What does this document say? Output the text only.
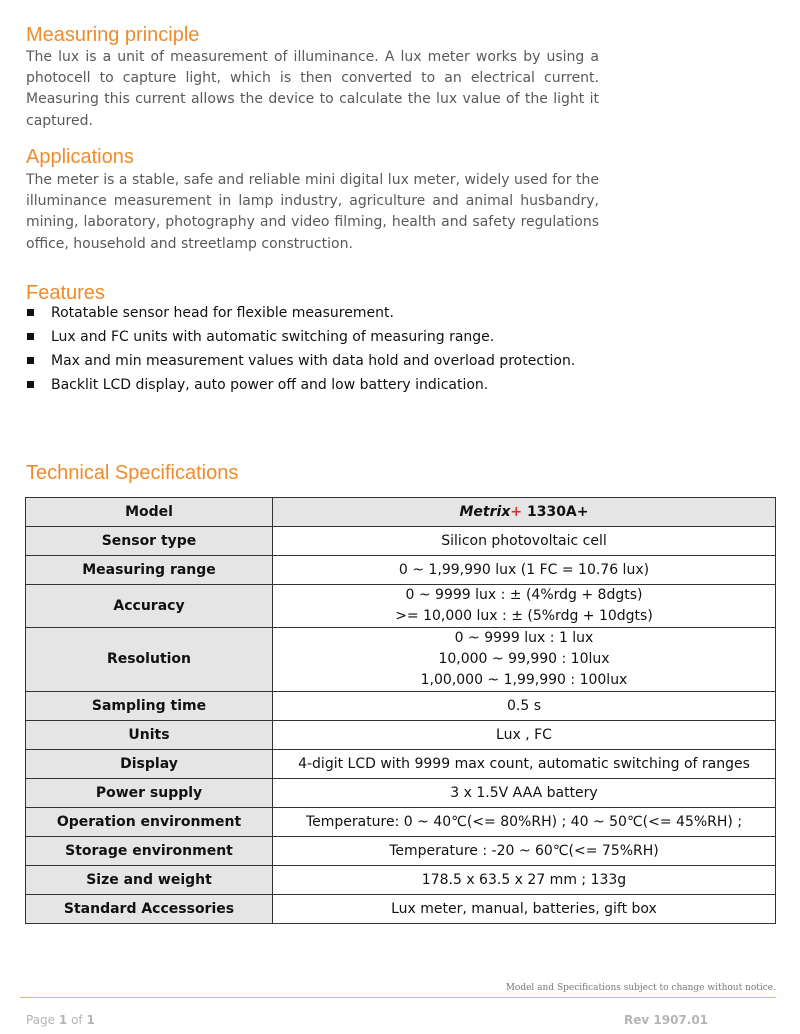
Measuring principle

The lux is a unit of measurement of illuminance. A lux meter works by using a photocell to capture light, which is then converted to an electrical current. Measuring this current allows the device to calculate the lux value of the light it captured.

Applications

The meter is a stable, safe and reliable mini digital lux meter, widely used for the illuminance measurement in lamp industry, agriculture and animal husbandry, mining, laboratory, photography and video filming, health and safety regulations office, household and streetlamp construction.

Features
Rotatable sensor head for flexible measurement.
Lux and FC units with automatic switching of measuring range.
Max and min measurement values with data hold and overload protection.
Backlit LCD display, auto power off and low battery indication.
Technical Specifications
Model	Metrix+ 1330A+
Sensor type	Silicon photovoltaic cell

Measuring range	0 ~ 1,99,990 lux (1 FC = 10.76 lux)

Accuracy	0 ~ 9999 lux : ± (4%rdg + 8dgts)
>= 10,000 lux : ± (5%rdg + 10dgts)

Resolution	0 ~ 9999 lux : 1 lux
10,000 ~ 99,990 : 10lux
1,00,000 ~ 1,99,990 : 100lux

Sampling time	0.5 s

Units	Lux , FC

Display	4-digit LCD with 9999 max count, automatic switching of ranges

Power supply	3 x 1.5V AAA battery

Operation environment	Temperature: 0 ~ 40℃(<= 80%RH) ; 40 ~ 50℃(<= 45%RH) ;

Storage environment	Temperature : -20 ~ 60℃(<= 75%RH)

Size and weight	178.5 x 63.5 x 27 mm ; 133g

Standard Accessories	Lux meter, manual, batteries, gift box
Model and Specifications subject to change without notice.
Page 1 of 1	Rev 1907.01
